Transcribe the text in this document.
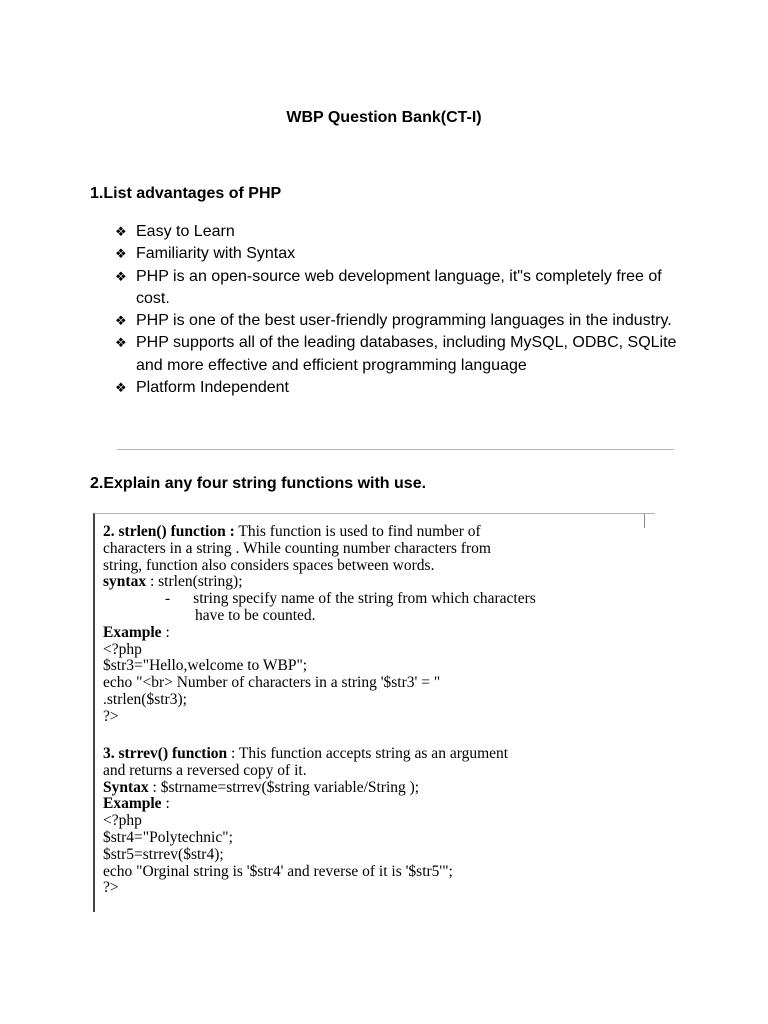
WBP Question Bank(CT-I)
1.List advantages of PHP
❖ Easy to Learn
❖ Familiarity with Syntax
❖ PHP is an open-source web development language, it"s completely free of cost.
❖ PHP is one of the best user-friendly programming languages in the industry.
❖ PHP supports all of the leading databases, including MySQL, ODBC, SQLite and more effective and efficient programming language
❖ Platform Independent
2.Explain any four string functions with use.
2. strlen() function : This function is used to find number of
characters in a string . While counting number characters from
string, function also considers spaces between words.
syntax : strlen(string);
- string specify name of the string from which characters
have to be counted.
Example :
<?php
$str3="Hello,welcome to WBP";
echo "<br> Number of characters in a string '$str3' = "
.strlen($str3);
?>
3. strrev() function : This function accepts string as an argument
and returns a reversed copy of it.
Syntax : $strname=strrev($string variable/String );
Example :
<?php
$str4="Polytechnic";
$str5=strrev($str4);
echo "Orginal string is '$str4' and reverse of it is '$str5'";
?>
